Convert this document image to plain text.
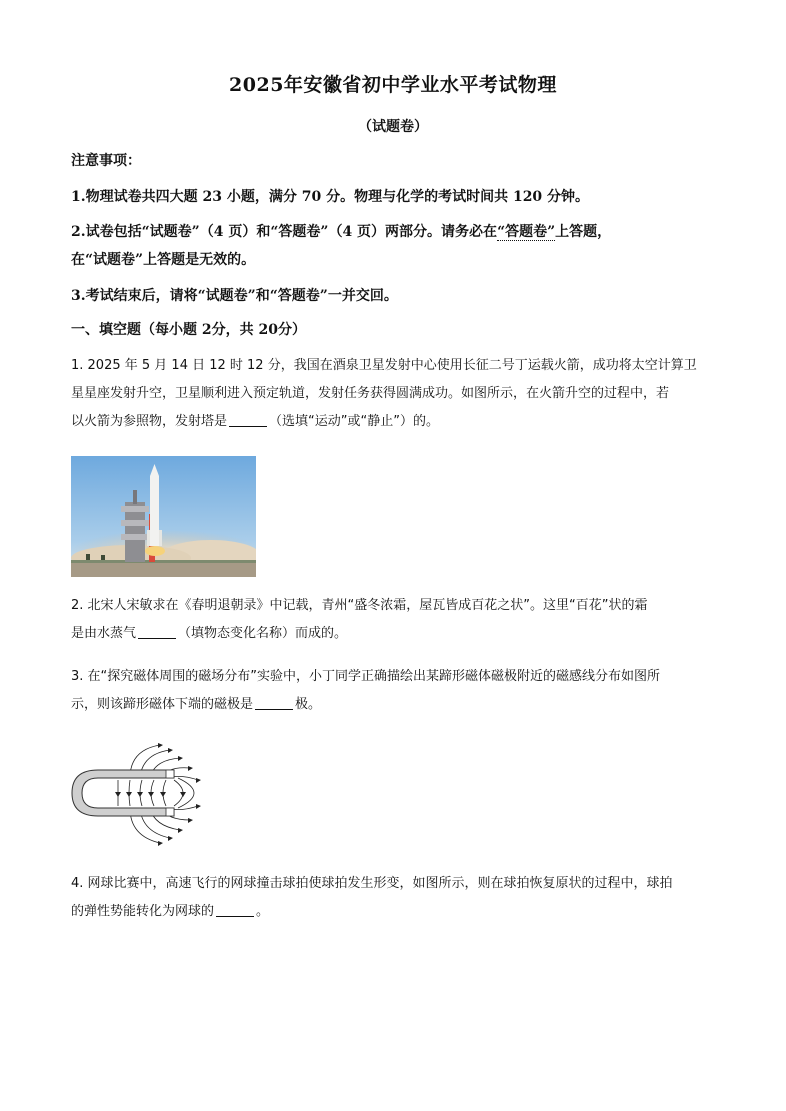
2025年安徽省初中学业水平考试物理
（试题卷）
注意事项：
1.物理试卷共四大题 23 小题，满分 70 分。物理与化学的考试时间共 120 分钟。
2.试卷包括“试题卷”（4 页）和“答题卷”（4 页）两部分。请务必在“答题卷”上答题，
在“试题卷”上答题是无效的。
3.考试结束后，请将“试题卷”和“答题卷”一并交回。
一、填空题（每小题 2分，共 20分）
1. 2025 年 5 月 14 日 12 时 12 分，我国在酒泉卫星发射中心使用长征二号丁运载火箭，成功将太空计算卫
星星座发射升空，卫星顺利进入预定轨道，发射任务获得圆满成功。如图所示，在火箭升空的过程中，若
以火箭为参照物，发射塔是	（选填“运动”或“静止”）的。
2. 北宋人宋敏求在《春明退朝录》中记载，青州“盛冬浓霜，屋瓦皆成百花之状”。这里“百花”状的霜
是由水蒸气	（填物态变化名称）而成的。
3. 在“探究磁体周围的磁场分布”实验中，小丁同学正确描绘出某蹄形磁体磁极附近的磁感线分布如图所
示，则该蹄形磁体下端的磁极是	极。
4. 网球比赛中，高速飞行的网球撞击球拍使球拍发生形变，如图所示，则在球拍恢复原状的过程中，球拍
的弹性势能转化为网球的	。
